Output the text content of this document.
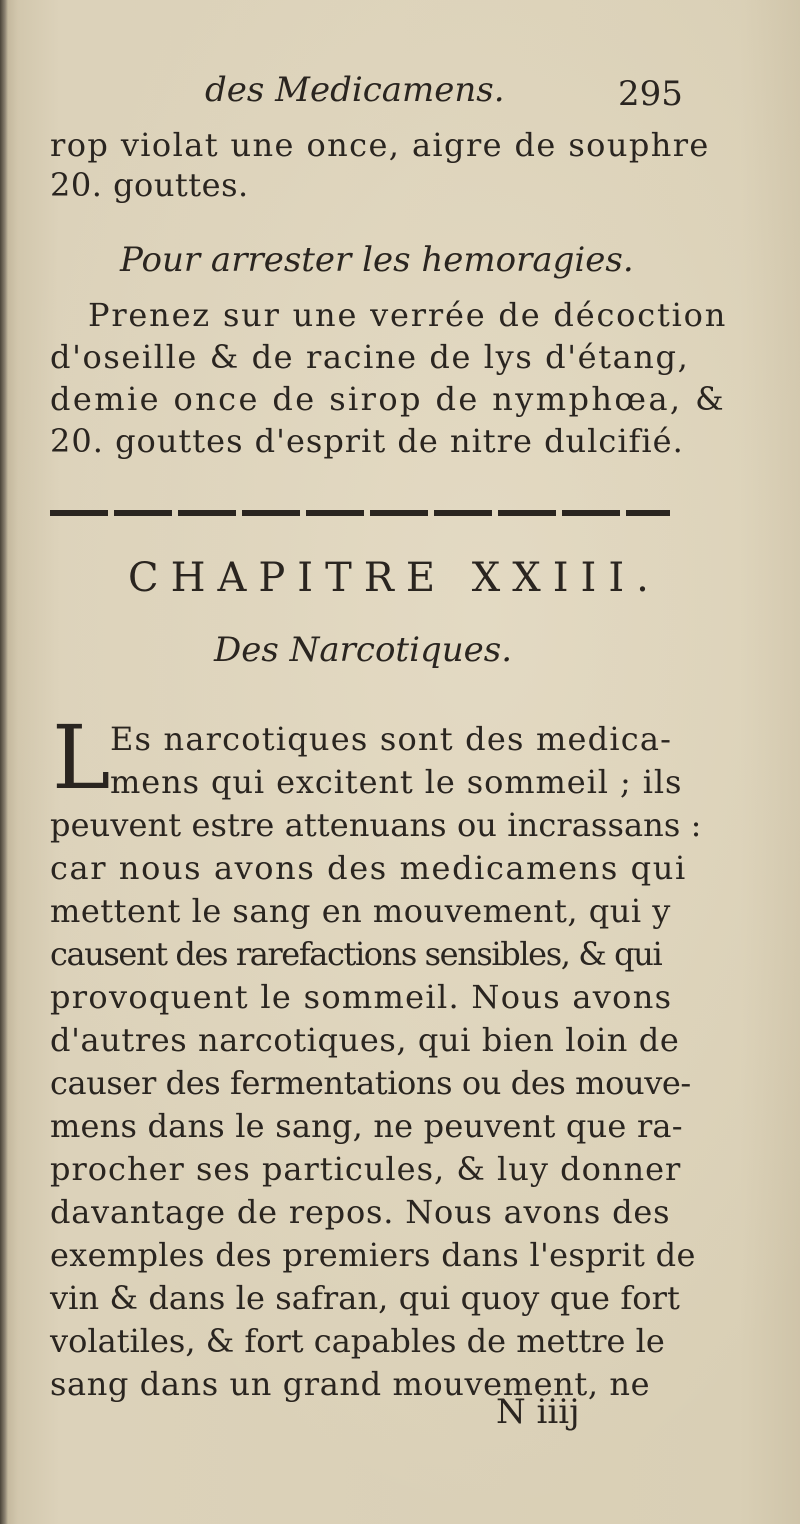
des Medicamens.	295
rop violat une once, aigre de souphre
20. gouttes.
Pour arrester les hemoragies.
Prenez sur une verrée de décoction
d'oseille & de racine de lys d'étang,
demie once de sirop de nymphœa, &
20. gouttes d'esprit de nitre dulcifié.
CHAPITRE XXIII.
Des Narcotiques.
L Es narcotiques sont des medica-
mens qui excitent le sommeil ; ils
peuvent estre attenuans ou incrassans :
car nous avons des medicamens qui
mettent le sang en mouvement, qui y
causent des rarefactions sensibles, & qui
provoquent le sommeil. Nous avons
d'autres narcotiques, qui bien loin de
causer des fermentations ou des mouve-
mens dans le sang, ne peuvent que ra-
procher ses particules, & luy donner
davantage de repos. Nous avons des
exemples des premiers dans l'esprit de
vin & dans le safran, qui quoy que fort
volatiles, & fort capables de mettre le
sang dans un grand mouvement, ne
N iiij
